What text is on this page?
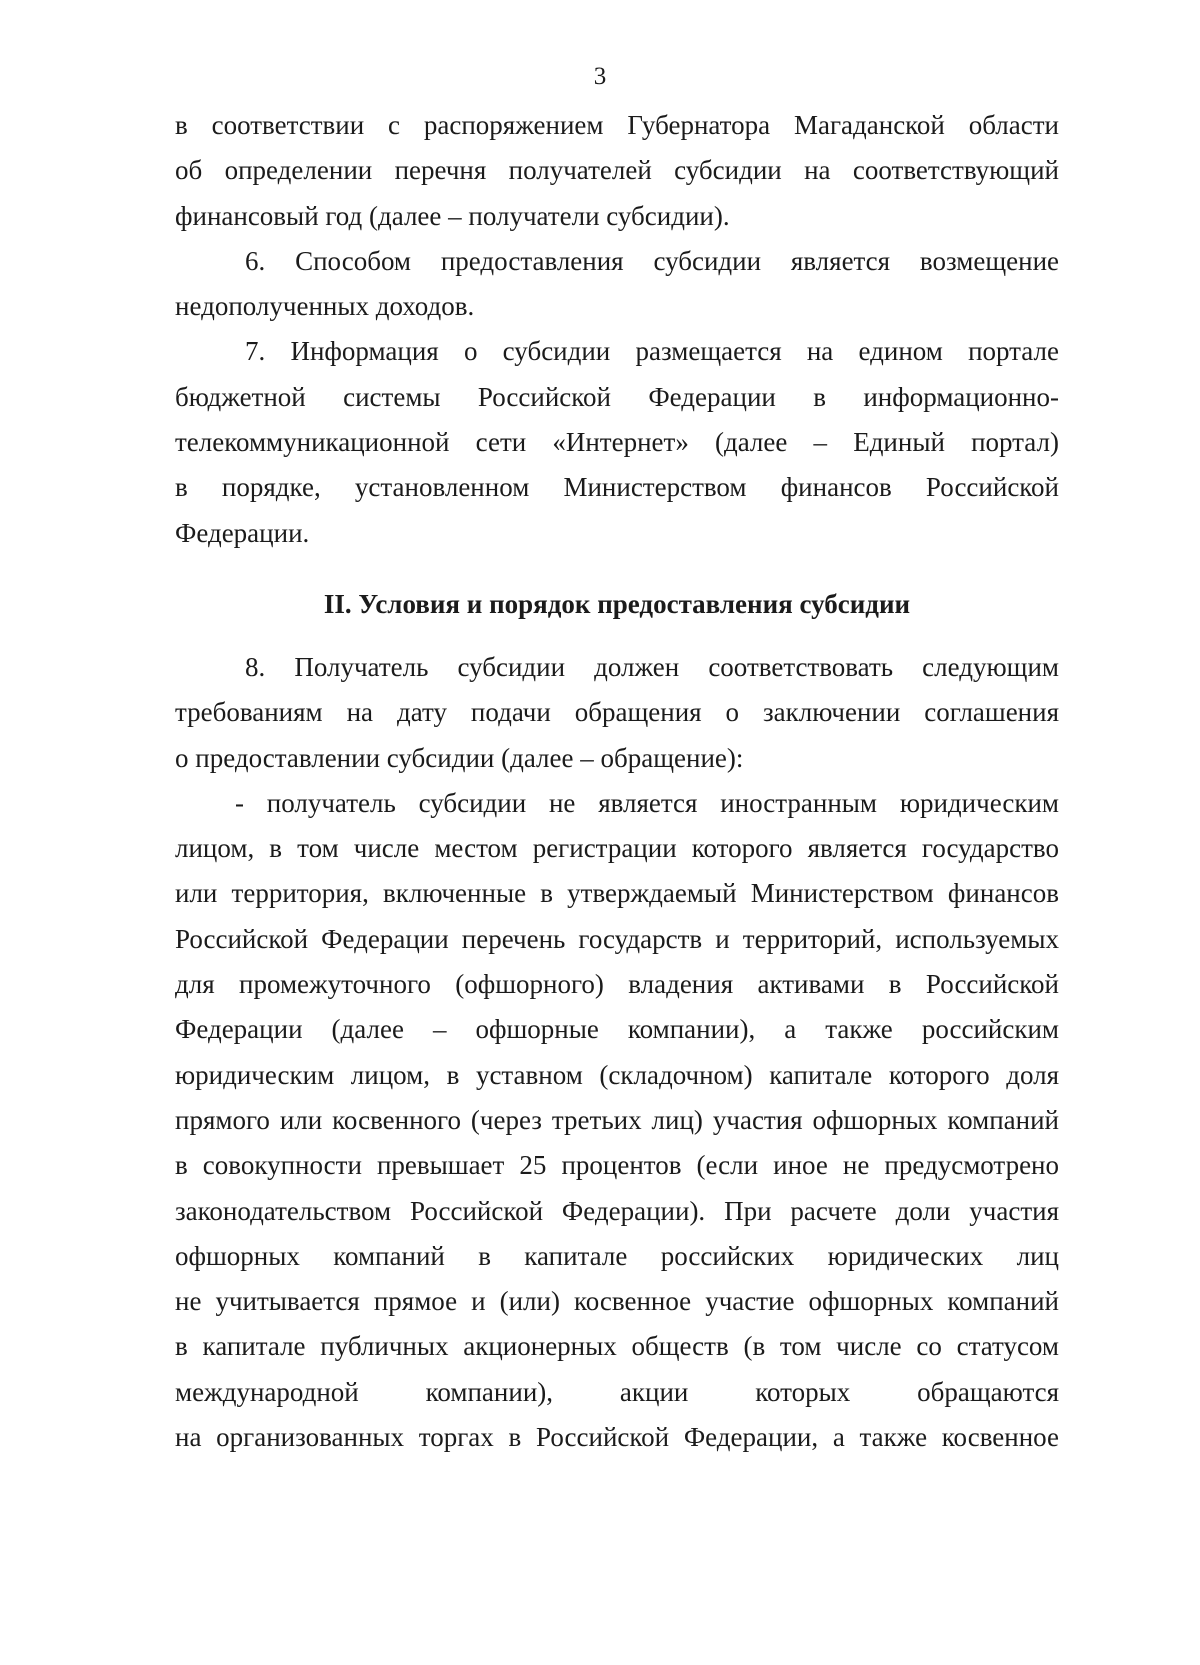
3
в соответствии с распоряжением Губернатора Магаданской области
об определении перечня получателей субсидии на соответствующий
финансовый год (далее – получатели субсидии).
6. Способом предоставления субсидии является возмещение
недополученных доходов.
7. Информация о субсидии размещается на едином портале
бюджетной системы Российской Федерации в информационно-
телекоммуникационной сети «Интернет» (далее – Единый портал)
в порядке, установленном Министерством финансов Российской
Федерации.
II. Условия и порядок предоставления субсидии
8. Получатель субсидии должен соответствовать следующим
требованиям на дату подачи обращения о заключении соглашения
о предоставлении субсидии (далее – обращение):
- получатель субсидии не является иностранным юридическим
лицом, в том числе местом регистрации которого является государство
или территория, включенные в утверждаемый Министерством финансов
Российской Федерации перечень государств и территорий, используемых
для промежуточного (офшорного) владения активами в Российской
Федерации (далее – офшорные компании), а также российским
юридическим лицом, в уставном (складочном) капитале которого доля
прямого или косвенного (через третьих лиц) участия офшорных компаний
в совокупности превышает 25 процентов (если иное не предусмотрено
законодательством Российской Федерации). При расчете доли участия
офшорных компаний в капитале российских юридических лиц
не учитывается прямое и (или) косвенное участие офшорных компаний
в капитале публичных акционерных обществ (в том числе со статусом
международной компании), акции которых обращаются
на организованных торгах в Российской Федерации, а также косвенное
